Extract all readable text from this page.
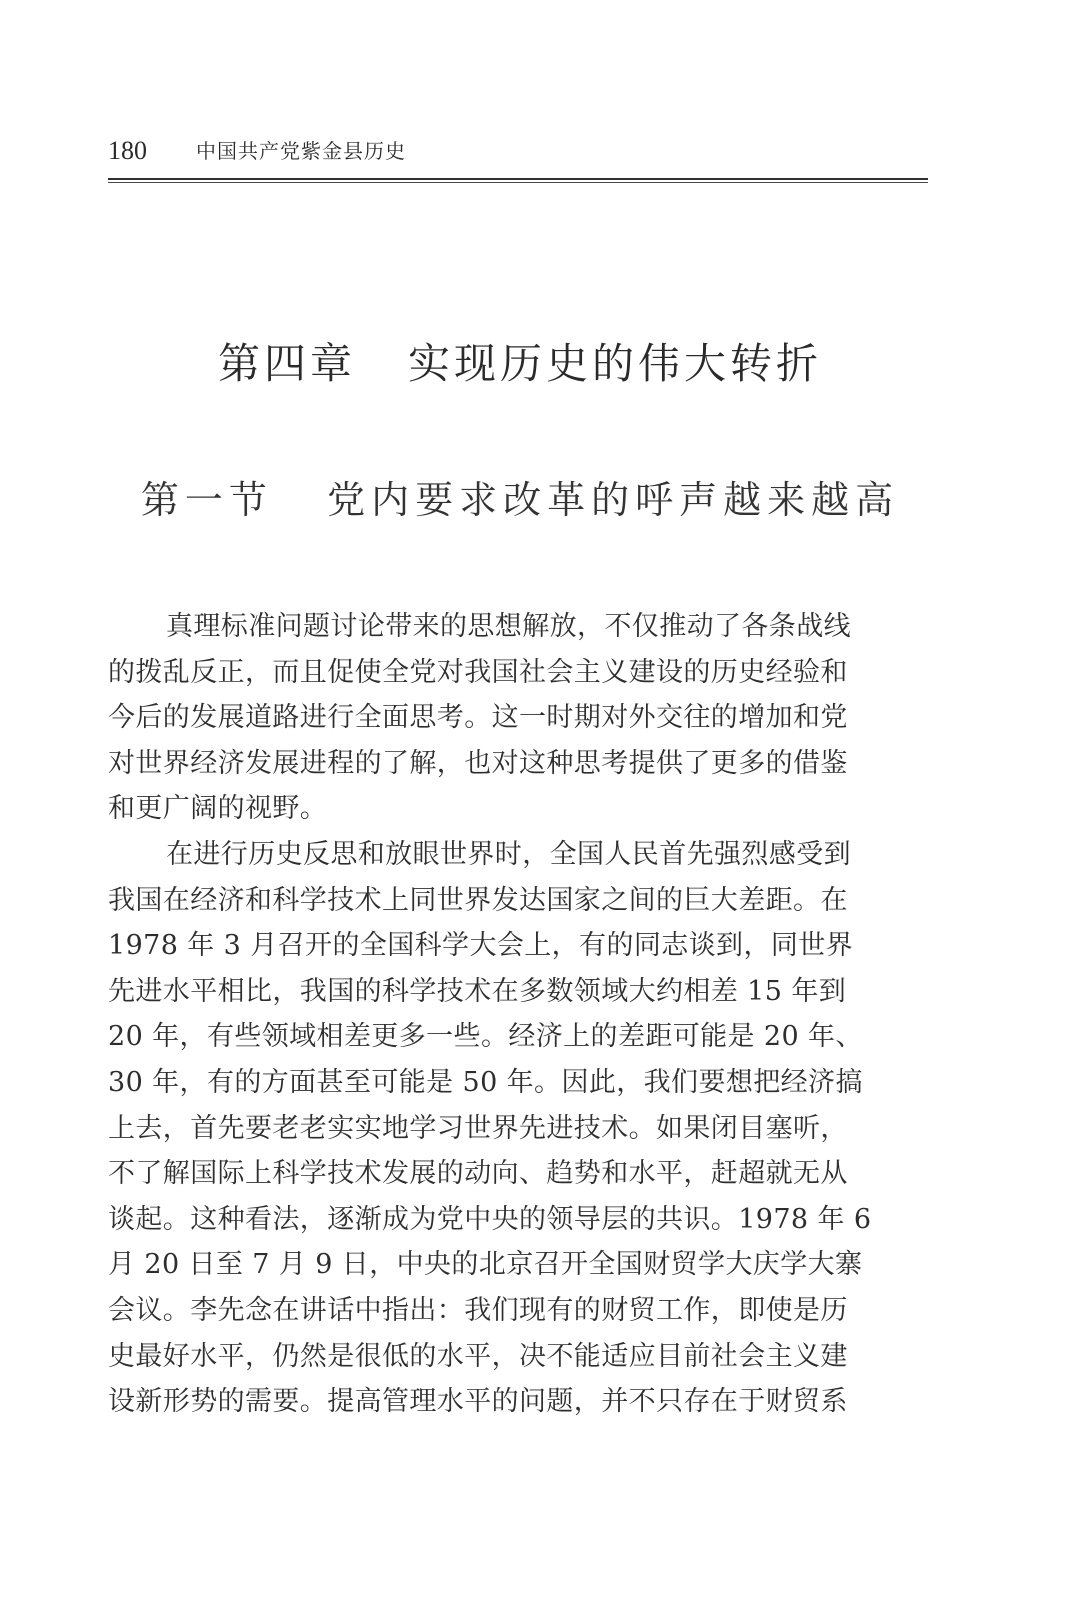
180 中国共产党紫金县历史
第四章   实现历史的伟大转折
第一节   党内要求改革的呼声越来越高
真理标准问题讨论带来的思想解放，不仅推动了各条战线
的拨乱反正，而且促使全党对我国社会主义建设的历史经验和
今后的发展道路进行全面思考。这一时期对外交往的增加和党
对世界经济发展进程的了解，也对这种思考提供了更多的借鉴
和更广阔的视野。
在进行历史反思和放眼世界时，全国人民首先强烈感受到
我国在经济和科学技术上同世界发达国家之间的巨大差距。在
1978 年 3 月召开的全国科学大会上，有的同志谈到，同世界
先进水平相比，我国的科学技术在多数领域大约相差 15 年到
20 年，有些领域相差更多一些。经济上的差距可能是 20 年、
30 年，有的方面甚至可能是 50 年。因此，我们要想把经济搞
上去，首先要老老实实地学习世界先进技术。如果闭目塞听，
不了解国际上科学技术发展的动向、趋势和水平，赶超就无从
谈起。这种看法，逐渐成为党中央的领导层的共识。1978 年 6
月 20 日至 7 月 9 日，中央的北京召开全国财贸学大庆学大寨
会议。李先念在讲话中指出：我们现有的财贸工作，即使是历
史最好水平，仍然是很低的水平，决不能适应目前社会主义建
设新形势的需要。提高管理水平的问题，并不只存在于财贸系
